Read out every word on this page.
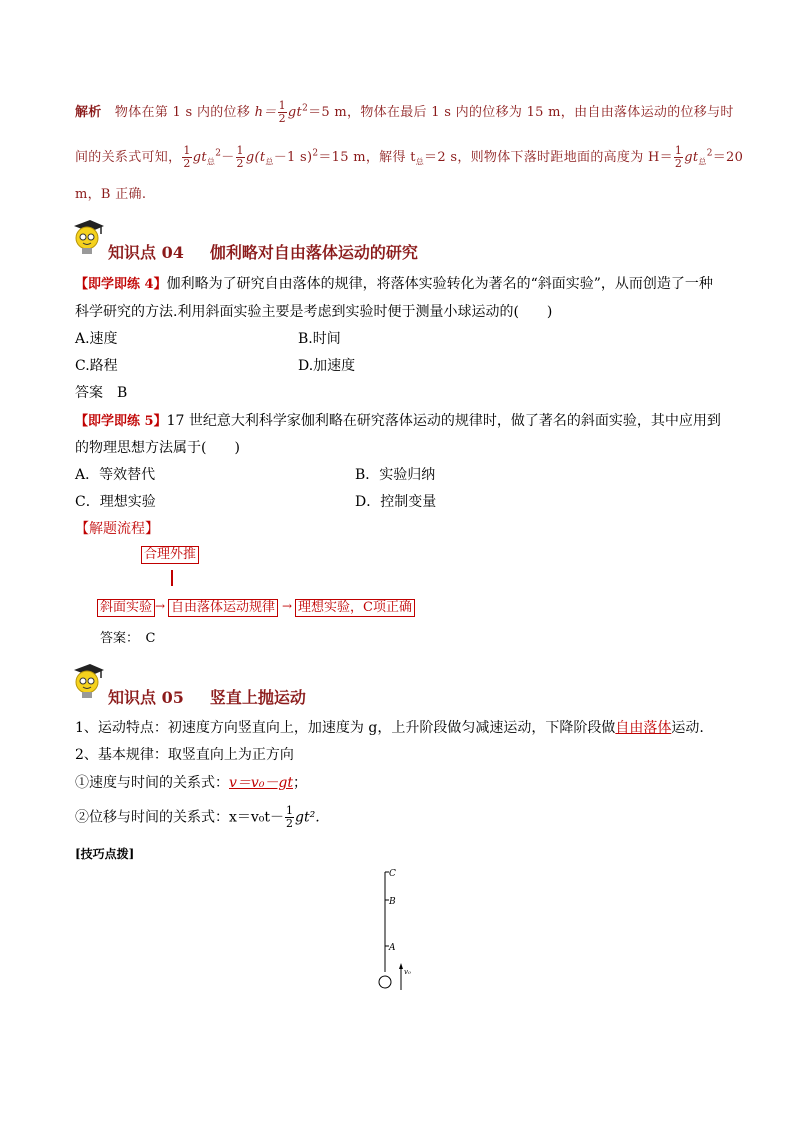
解析 物体在第 1 s 内的位移 $h= \frac{1}{2} gt^2=5$ m，物体在最后 1 s 内的位移为 15 m，由自由落体运动的位移与时
间的关系式可知， $\frac{1}{2} gt_总^2- \frac{1}{2} g(t_总-1$ s)$^2$＝15 m，解得 $t_总=2$ s，则物体下落时距地面的高度为 $H= \frac{1}{2} gt_总^2=20$
m，B 正确.
知识点 04 伽利略对自由落体运动的研究
【即学即练 4】伽利略为了研究自由落体的规律，将落体实验转化为著名的“斜面实验”，从而创造了一种
科学研究的方法.利用斜面实验主要是考虑到实验时便于测量小球运动的(　　)
A.速度	B.时间
C.路程	D.加速度
答案　B
【即学即练 5】17 世纪意大利科学家伽利略在研究落体运动的规律时，做了著名的斜面实验，其中应用到
的物理思想方法属于(　　)
A．等效替代	B．实验归纳
C．理想实验	D．控制变量
【解题流程】
合理外推
斜面实验 → 自由落体运动规律 → 理想实验，C项正确
答案：　C
知识点 05 竖直上抛运动
1、运动特点：初速度方向竖直向上，加速度为 g，上升阶段做匀减速运动，下降阶段做自由落体运动.
2、基本规律：取竖直向上为正方向
①速度与时间的关系式：v＝v₀－gt；
②位移与时间的关系式：$x=v_0t- \frac{1}{2} gt^2$.
[技巧点拨]
C
B
A
v₀
